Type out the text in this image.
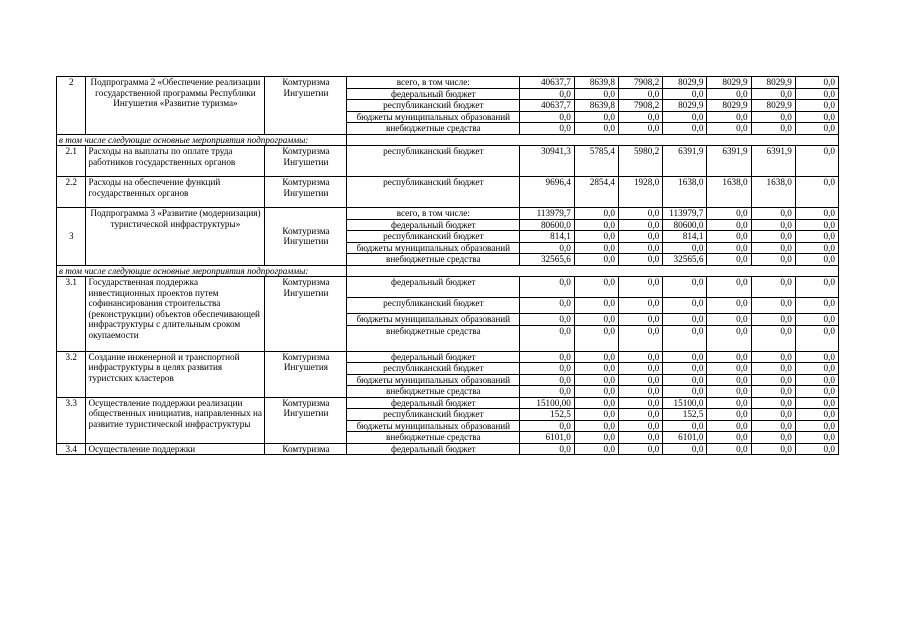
2	Подпрограмма 2 «Обеспечение реализации государственной программы Республики Ингушетия «Развитие туризма»	Комтуризма Ингушетии	всего, в том числе:	40637,7	8639,8	7908,2	8029,9	8029,9	8029,9	0,0
			федеральный бюджет	0,0	0,0	0,0	0,0	0,0	0,0	0,0
			республиканский бюджет	40637,7	8639,8	7908,2	8029,9	8029,9	8029,9	0,0
			бюджеты муниципальных образований	0,0	0,0	0,0	0,0	0,0	0,0	0,0
			внебюджетные средства	0,0	0,0	0,0	0,0	0,0	0,0	0,0
в том числе следующие основные мероприятия подпрограммы:										
2.1	Расходы на выплаты по оплате труда работников государственных органов	Комтуризма Ингушетии	республиканский бюджет	30941,3	5785,4	5980,2	6391,9	6391,9	6391,9	0,0
2.2	Расходы на обеспечение функций государственных органов	Комтуризма Ингушетии	республиканский бюджет	9696,4	2854,4	1928,0	1638,0	1638,0	1638,0	0,0
3	Подпрограмма 3 «Развитие (модернизация) туристической инфраструктуры»	Комтуризма Ингушетии	всего, в том числе:	113979,7	0,0	0,0	113979,7	0,0	0,0	0,0
			федеральный бюджет	80600,0	0,0	0,0	80600,0	0,0	0,0	0,0
			республиканский бюджет	814,1	0,0	0,0	814,1	0,0	0,0	0,0
			бюджеты муниципальных образований	0,0	0,0	0,0	0,0	0,0	0,0	0,0
			внебюджетные средства	32565,6	0,0	0,0	32565,6	0,0	0,0	0,0
в том числе следующие основные мероприятия подпрограммы:										
3.1	Государственная поддержка инвестиционных проектов путем софинансирования строительства (реконструкции) объектов обеспечивающей инфраструктуры с длительным сроком окупаемости	Комтуризма Ингушетии	федеральный бюджет	0,0	0,0	0,0	0,0	0,0	0,0	0,0
			республиканский бюджет	0,0	0,0	0,0	0,0	0,0	0,0	0,0
			бюджеты муниципальных образований	0,0	0,0	0,0	0,0	0,0	0,0	0,0
			внебюджетные средства	0,0	0,0	0,0	0,0	0,0	0,0	0,0
3.2	Создание инженерной и транспортной инфраструктуры в целях развития туристских кластеров	Комтуризма Ингушетия	федеральный бюджет	0,0	0,0	0,0	0,0	0,0	0,0	0,0
			республиканский бюджет	0,0	0,0	0,0	0,0	0,0	0,0	0,0
			бюджеты муниципальных образований	0,0	0,0	0,0	0,0	0,0	0,0	0,0
			внебюджетные средства	0,0	0,0	0,0	0,0	0,0	0,0	0,0
3.3	Осуществление поддержки реализации общественных инициатив, направленных на развитие туристической инфраструктуры	Комтуризма Ингушетии	федеральный бюджет	15100,00	0,0	0,0	15100,0	0,0	0,0	0,0
			республиканский бюджет	152,5	0,0	0,0	152,5	0,0	0,0	0,0
			бюджеты муниципальных образований	0,0	0,0	0,0	0,0	0,0	0,0	0,0
			внебюджетные средства	6101,0	0,0	0,0	6101,0	0,0	0,0	0,0
3.4	Осуществление поддержки	Комтуризма	федеральный бюджет	0,0	0,0	0,0	0,0	0,0	0,0	0,0
